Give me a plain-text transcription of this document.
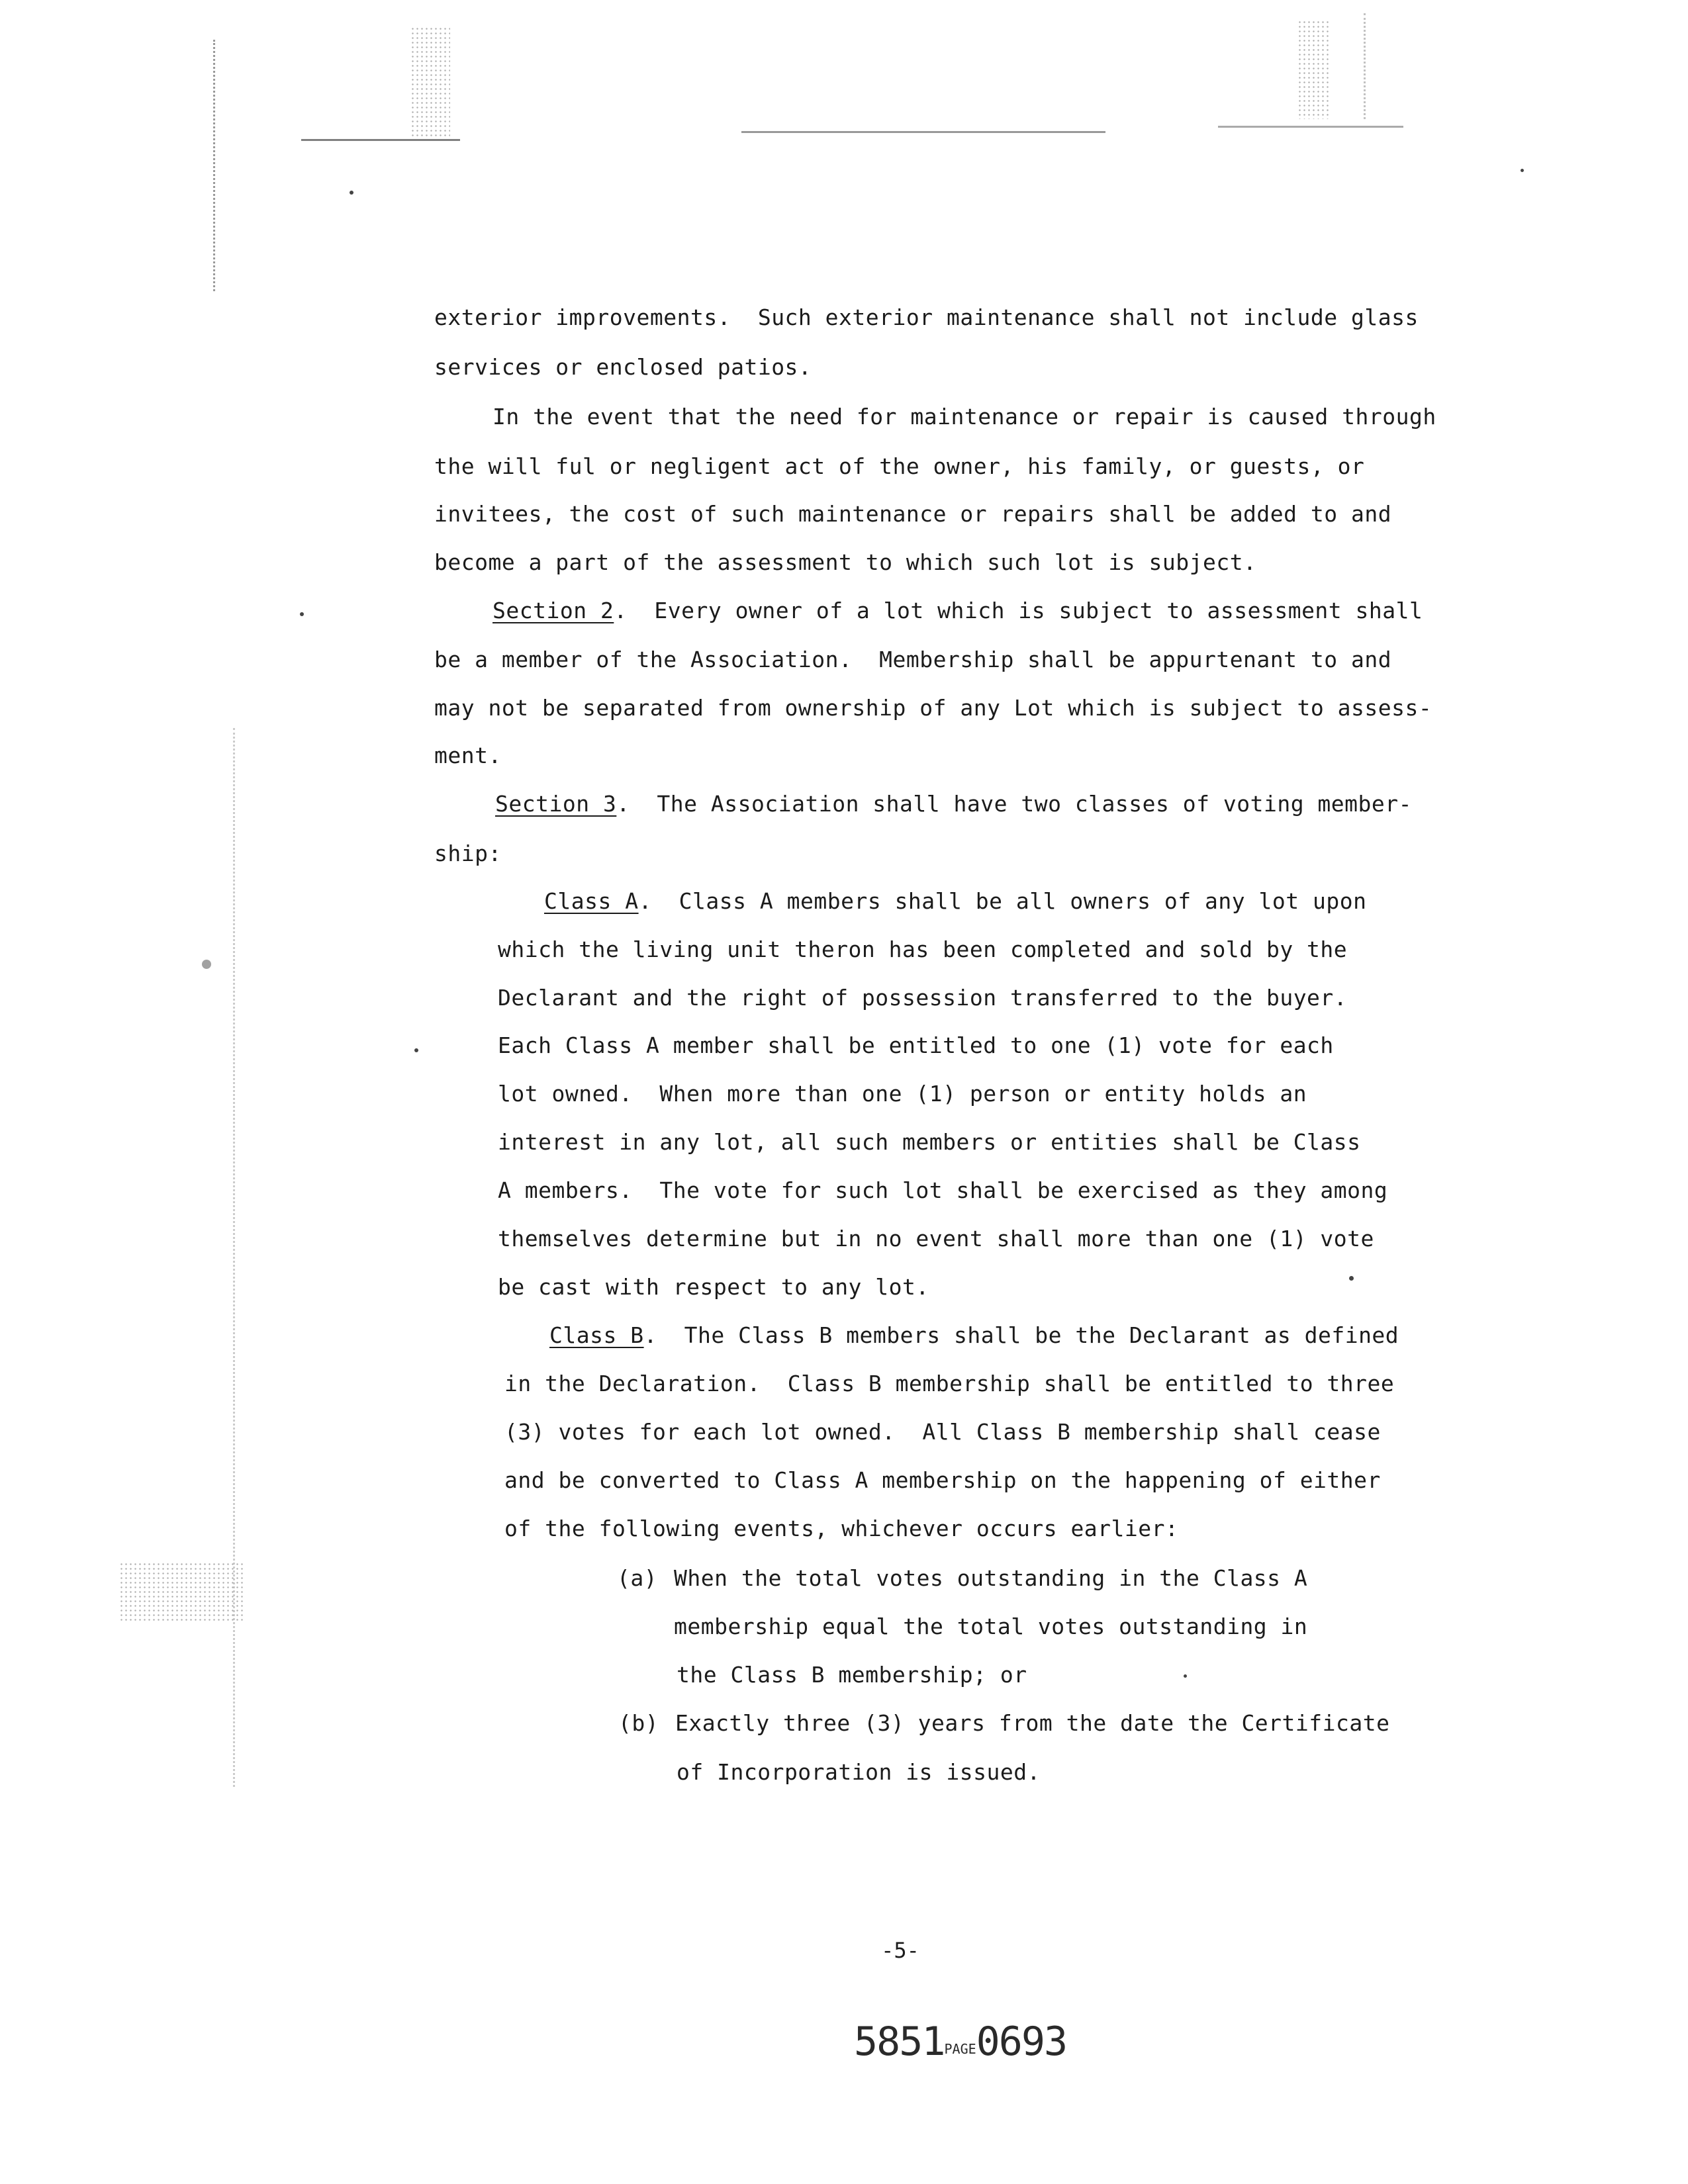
exterior improvements.  Such exterior maintenance shall not include glass

services or enclosed patios.

In the event that the need for maintenance or repair is caused through

the will ful or negligent act of the owner, his family, or guests, or

invitees, the cost of such maintenance or repairs shall be added to and

become a part of the assessment to which such lot is subject.

Section 2.  Every owner of a lot which is subject to assessment shall

be a member of the Association.  Membership shall be appurtenant to and

may not be separated from ownership of any Lot which is subject to assess-

ment.

Section 3.  The Association shall have two classes of voting member-

ship:

Class A.  Class A members shall be all owners of any lot upon

which the living unit theron has been completed and sold by the

Declarant and the right of possession transferred to the buyer.

Each Class A member shall be entitled to one (1) vote for each

lot owned.  When more than one (1) person or entity holds an

interest in any lot, all such members or entities shall be Class

A members.  The vote for such lot shall be exercised as they among

themselves determine but in no event shall more than one (1) vote

be cast with respect to any lot.

Class B.  The Class B members shall be the Declarant as defined

in the Declaration.  Class B membership shall be entitled to three

(3) votes for each lot owned.  All Class B membership shall cease

and be converted to Class A membership on the happening of either

of the following events, whichever occurs earlier:

(a) When the total votes outstanding in the Class A

membership equal the total votes outstanding in

the Class B membership; or

(b) Exactly three (3) years from the date the Certificate

of Incorporation is issued.

-5-
5851PAGE0693
